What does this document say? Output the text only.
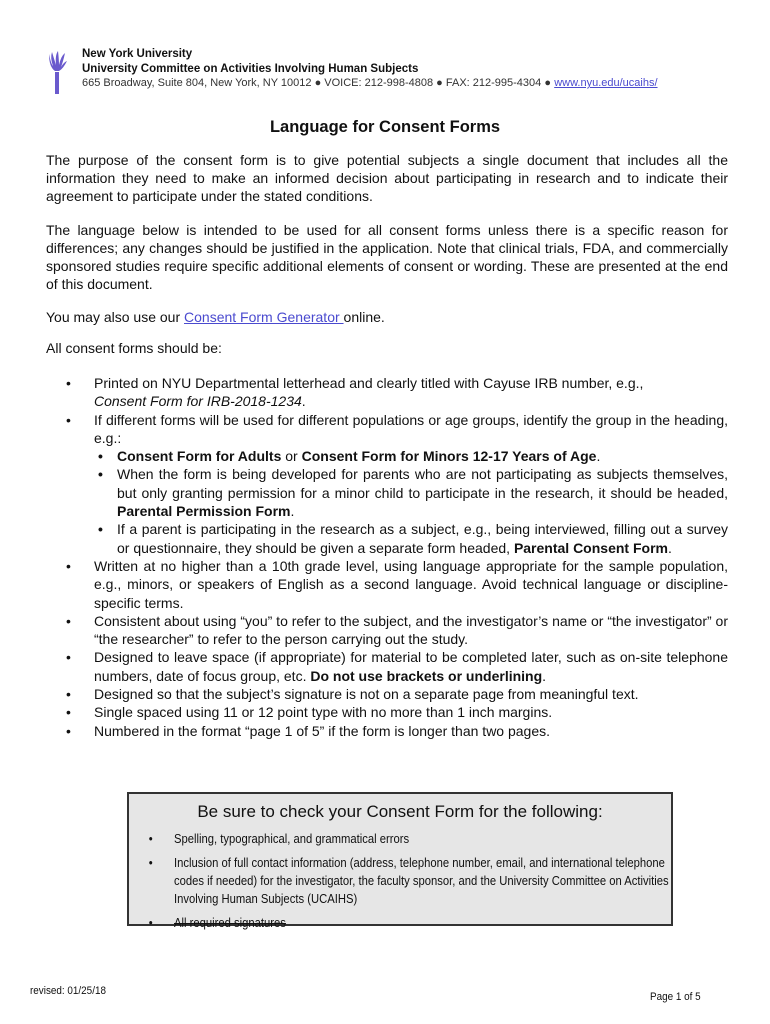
New York University
University Committee on Activities Involving Human Subjects
665 Broadway, Suite 804, New York, NY 10012 ● VOICE: 212-998-4808 ● FAX: 212-995-4304 ● www.nyu.edu/ucaihs/
Language for Consent Forms
The purpose of the consent form is to give potential subjects a single document that includes all the information they need to make an informed decision about participating in research and to indicate their agreement to participate under the stated conditions.
The language below is intended to be used for all consent forms unless there is a specific reason for differences; any changes should be justified in the application. Note that clinical trials, FDA, and commercially sponsored studies require specific additional elements of consent or wording. These are presented at the end of this document.
You may also use our Consent Form Generator online.
All consent forms should be:
• Printed on NYU Departmental letterhead and clearly titled with Cayuse IRB number, e.g.,
Consent Form for IRB-2018-1234.
• If different forms will be used for different populations or age groups, identify the group in the heading, e.g.:
• Consent Form for Adults or Consent Form for Minors 12-17 Years of Age.
• When the form is being developed for parents who are not participating as subjects themselves, but only granting permission for a minor child to participate in the research, it should be headed, Parental Permission Form.
• If a parent is participating in the research as a subject, e.g., being interviewed, filling out a survey or questionnaire, they should be given a separate form headed, Parental Consent Form.
• Written at no higher than a 10th grade level, using language appropriate for the sample population, e.g., minors, or speakers of English as a second language. Avoid technical language or discipline-specific terms.
• Consistent about using “you” to refer to the subject, and the investigator’s name or “the investigator” or “the researcher” to refer to the person carrying out the study.
• Designed to leave space (if appropriate) for material to be completed later, such as on-site telephone numbers, date of focus group, etc. Do not use brackets or underlining.
• Designed so that the subject’s signature is not on a separate page from meaningful text.
• Single spaced using 11 or 12 point type with no more than 1 inch margins.
• Numbered in the format “page 1 of 5” if the form is longer than two pages.
Be sure to check your Consent Form for the following:
• Spelling, typographical, and grammatical errors
• Inclusion of full contact information (address, telephone number, email, and international telephone codes if needed) for the investigator, the faculty sponsor, and the University Committee on Activities Involving Human Subjects (UCAIHS)
• All required signatures
revised: 01/25/18	Page 1 of 5
